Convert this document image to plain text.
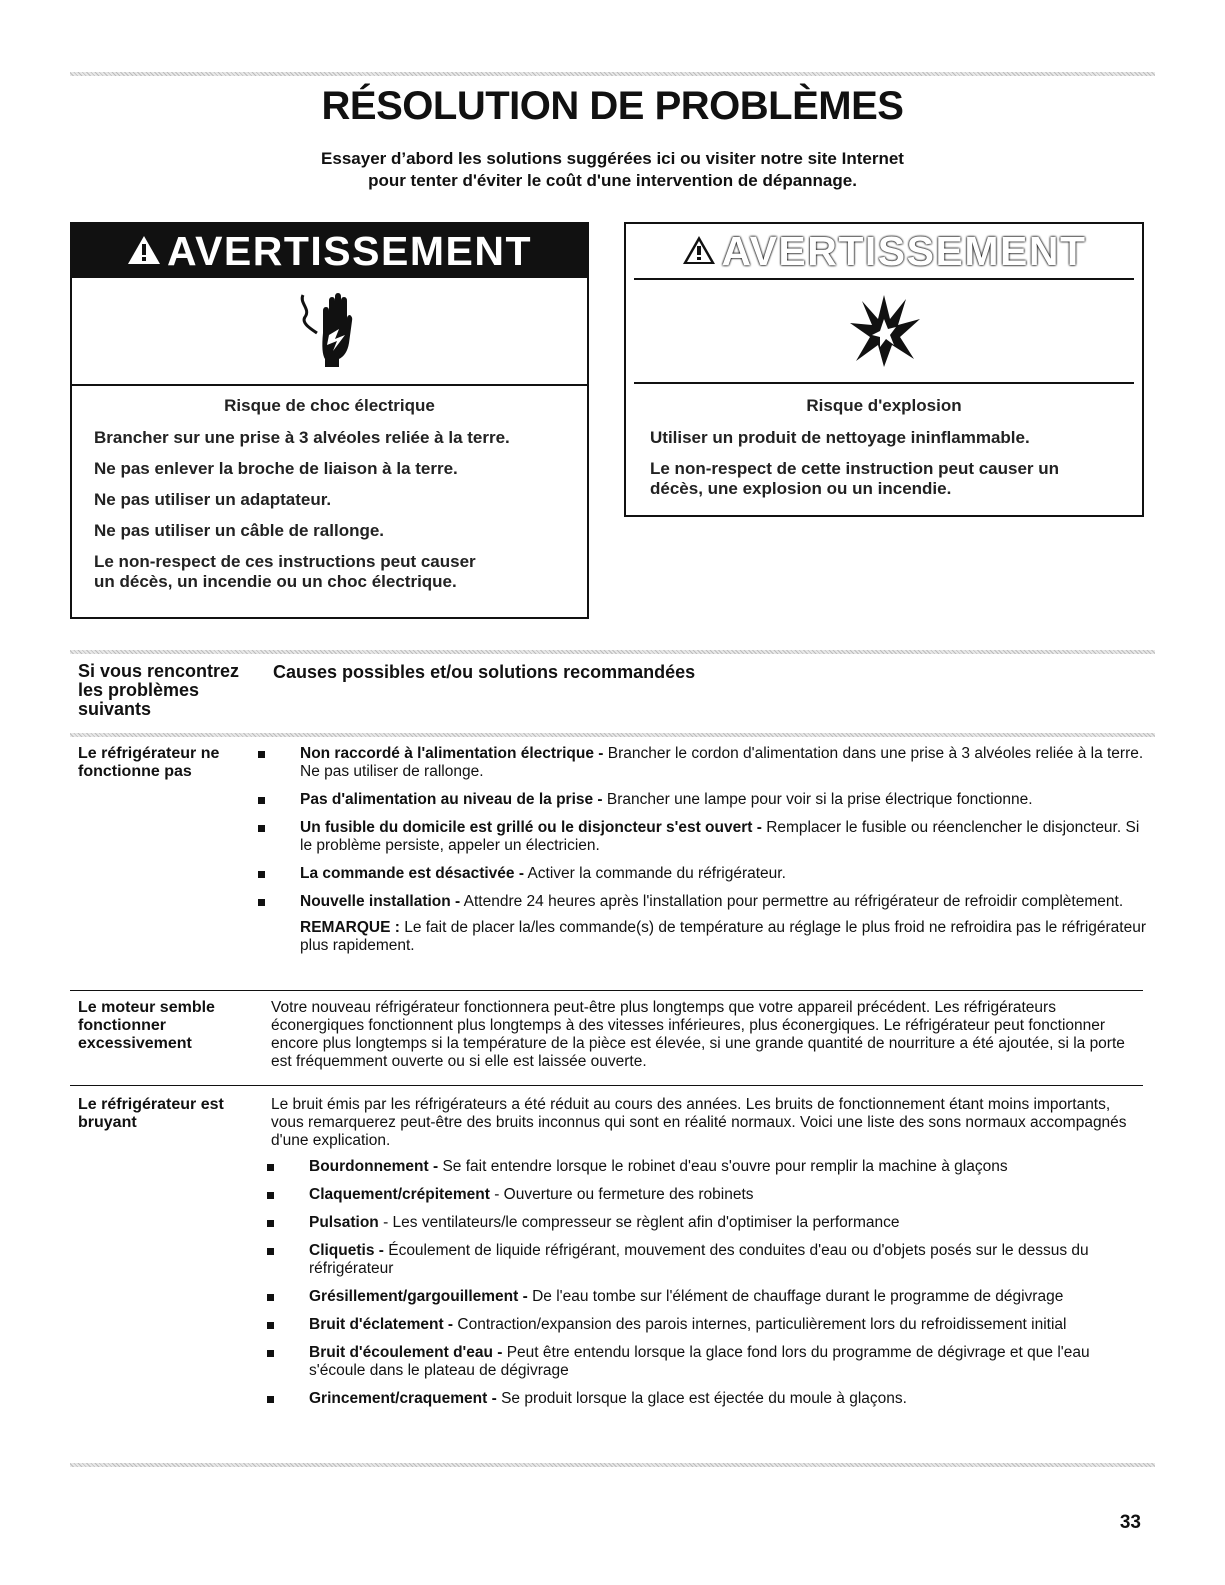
RÉSOLUTION DE PROBLÈMES
Essayer d’abord les solutions suggérées ici ou visiter notre site Internet
pour tenter d'éviter le coût d'une intervention de dépannage.
AVERTISSEMENT
Risque de choc électrique

Brancher sur une prise à 3 alvéoles reliée à la terre.

Ne pas enlever la broche de liaison à la terre.

Ne pas utiliser un adaptateur.

Ne pas utiliser un câble de rallonge.

Le non-respect de ces instructions peut causer
un décès, un incendie ou un choc électrique.

AVERTISSEMENT
Risque d'explosion

Utiliser un produit de nettoyage ininflammable.

Le non-respect de cette instruction peut causer un décès, une explosion ou un incendie.

Si vous rencontrez les problèmes suivants
Causes possibles et/ou solutions recommandées
Le réfrigérateur ne fonctionne pas
Non raccordé à l'alimentation électrique - Brancher le cordon d'alimentation dans une prise à 3 alvéoles reliée à la terre. Ne pas utiliser de rallonge.
Pas d'alimentation au niveau de la prise - Brancher une lampe pour voir si la prise électrique fonctionne.
Un fusible du domicile est grillé ou le disjoncteur s'est ouvert - Remplacer le fusible ou réenclencher le disjoncteur. Si le problème persiste, appeler un électricien.
La commande est désactivée - Activer la commande du réfrigérateur.
Nouvelle installation - Attendre 24 heures après l'installation pour permettre au réfrigérateur de refroidir complètement.
REMARQUE : Le fait de placer la/les commande(s) de température au réglage le plus froid ne refroidira pas le réfrigérateur plus rapidement.
Le moteur semble fonctionner excessivement
Votre nouveau réfrigérateur fonctionnera peut-être plus longtemps que votre appareil précédent. Les réfrigérateurs éconergiques fonctionnent plus longtemps à des vitesses inférieures, plus éconergiques. Le réfrigérateur peut fonctionner encore plus longtemps si la température de la pièce est élevée, si une grande quantité de nourriture a été ajoutée, si la porte est fréquemment ouverte ou si elle est laissée ouverte.
Le réfrigérateur est bruyant
Le bruit émis par les réfrigérateurs a été réduit au cours des années. Les bruits de fonctionnement étant moins importants, vous remarquerez peut-être des bruits inconnus qui sont en réalité normaux. Voici une liste des sons normaux accompagnés d'une explication.
Bourdonnement - Se fait entendre lorsque le robinet d'eau s'ouvre pour remplir la machine à glaçons
Claquement/crépitement - Ouverture ou fermeture des robinets
Pulsation - Les ventilateurs/le compresseur se règlent afin d'optimiser la performance
Cliquetis - Écoulement de liquide réfrigérant, mouvement des conduites d'eau ou d'objets posés sur le dessus du réfrigérateur
Grésillement/gargouillement - De l'eau tombe sur l'élément de chauffage durant le programme de dégivrage
Bruit d'éclatement - Contraction/expansion des parois internes, particulièrement lors du refroidissement initial
Bruit d'écoulement d'eau - Peut être entendu lorsque la glace fond lors du programme de dégivrage et que l'eau s'écoule dans le plateau de dégivrage
Grincement/craquement - Se produit lorsque la glace est éjectée du moule à glaçons.
33
